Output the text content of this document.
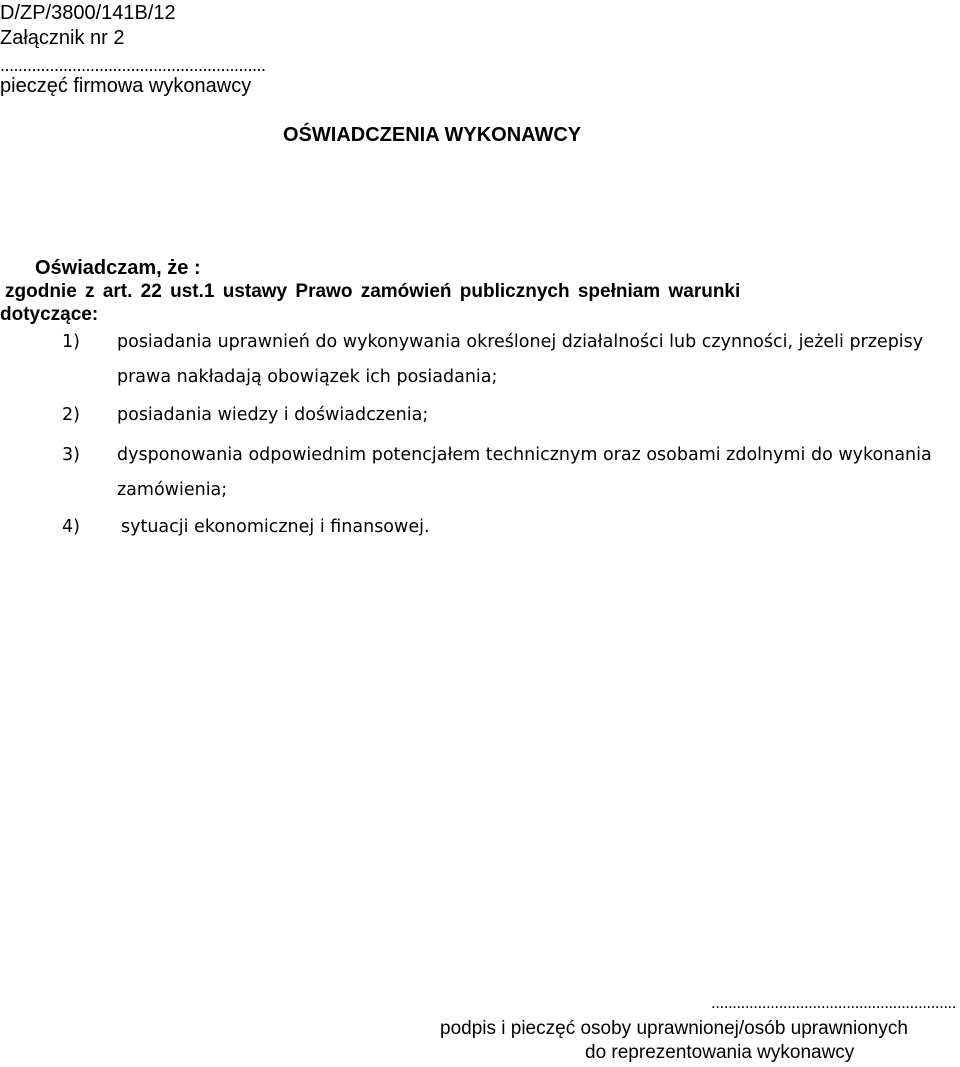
D/ZP/3800/141B/12
Załącznik nr 2
...........................................................
pieczęć firmowa wykonawcy
OŚWIADCZENIA WYKONAWCY
Oświadczam, że :
zgodnie z art. 22 ust.1 ustawy Prawo zamówień publicznych spełniam warunki
dotyczące:
1) posiadania uprawnień do wykonywania określonej działalności lub czynności, jeżeli przepisy
prawa nakładają obowiązek ich posiadania;
2) posiadania wiedzy i doświadczenia;
3) dysponowania odpowiednim potencjałem technicznym oraz osobami zdolnymi do wykonania
zamówienia;
4) sytuacji ekonomicznej i finansowej.
..........................................................
podpis i pieczęć osoby uprawnionej/osób uprawnionych
do reprezentowania wykonawcy
